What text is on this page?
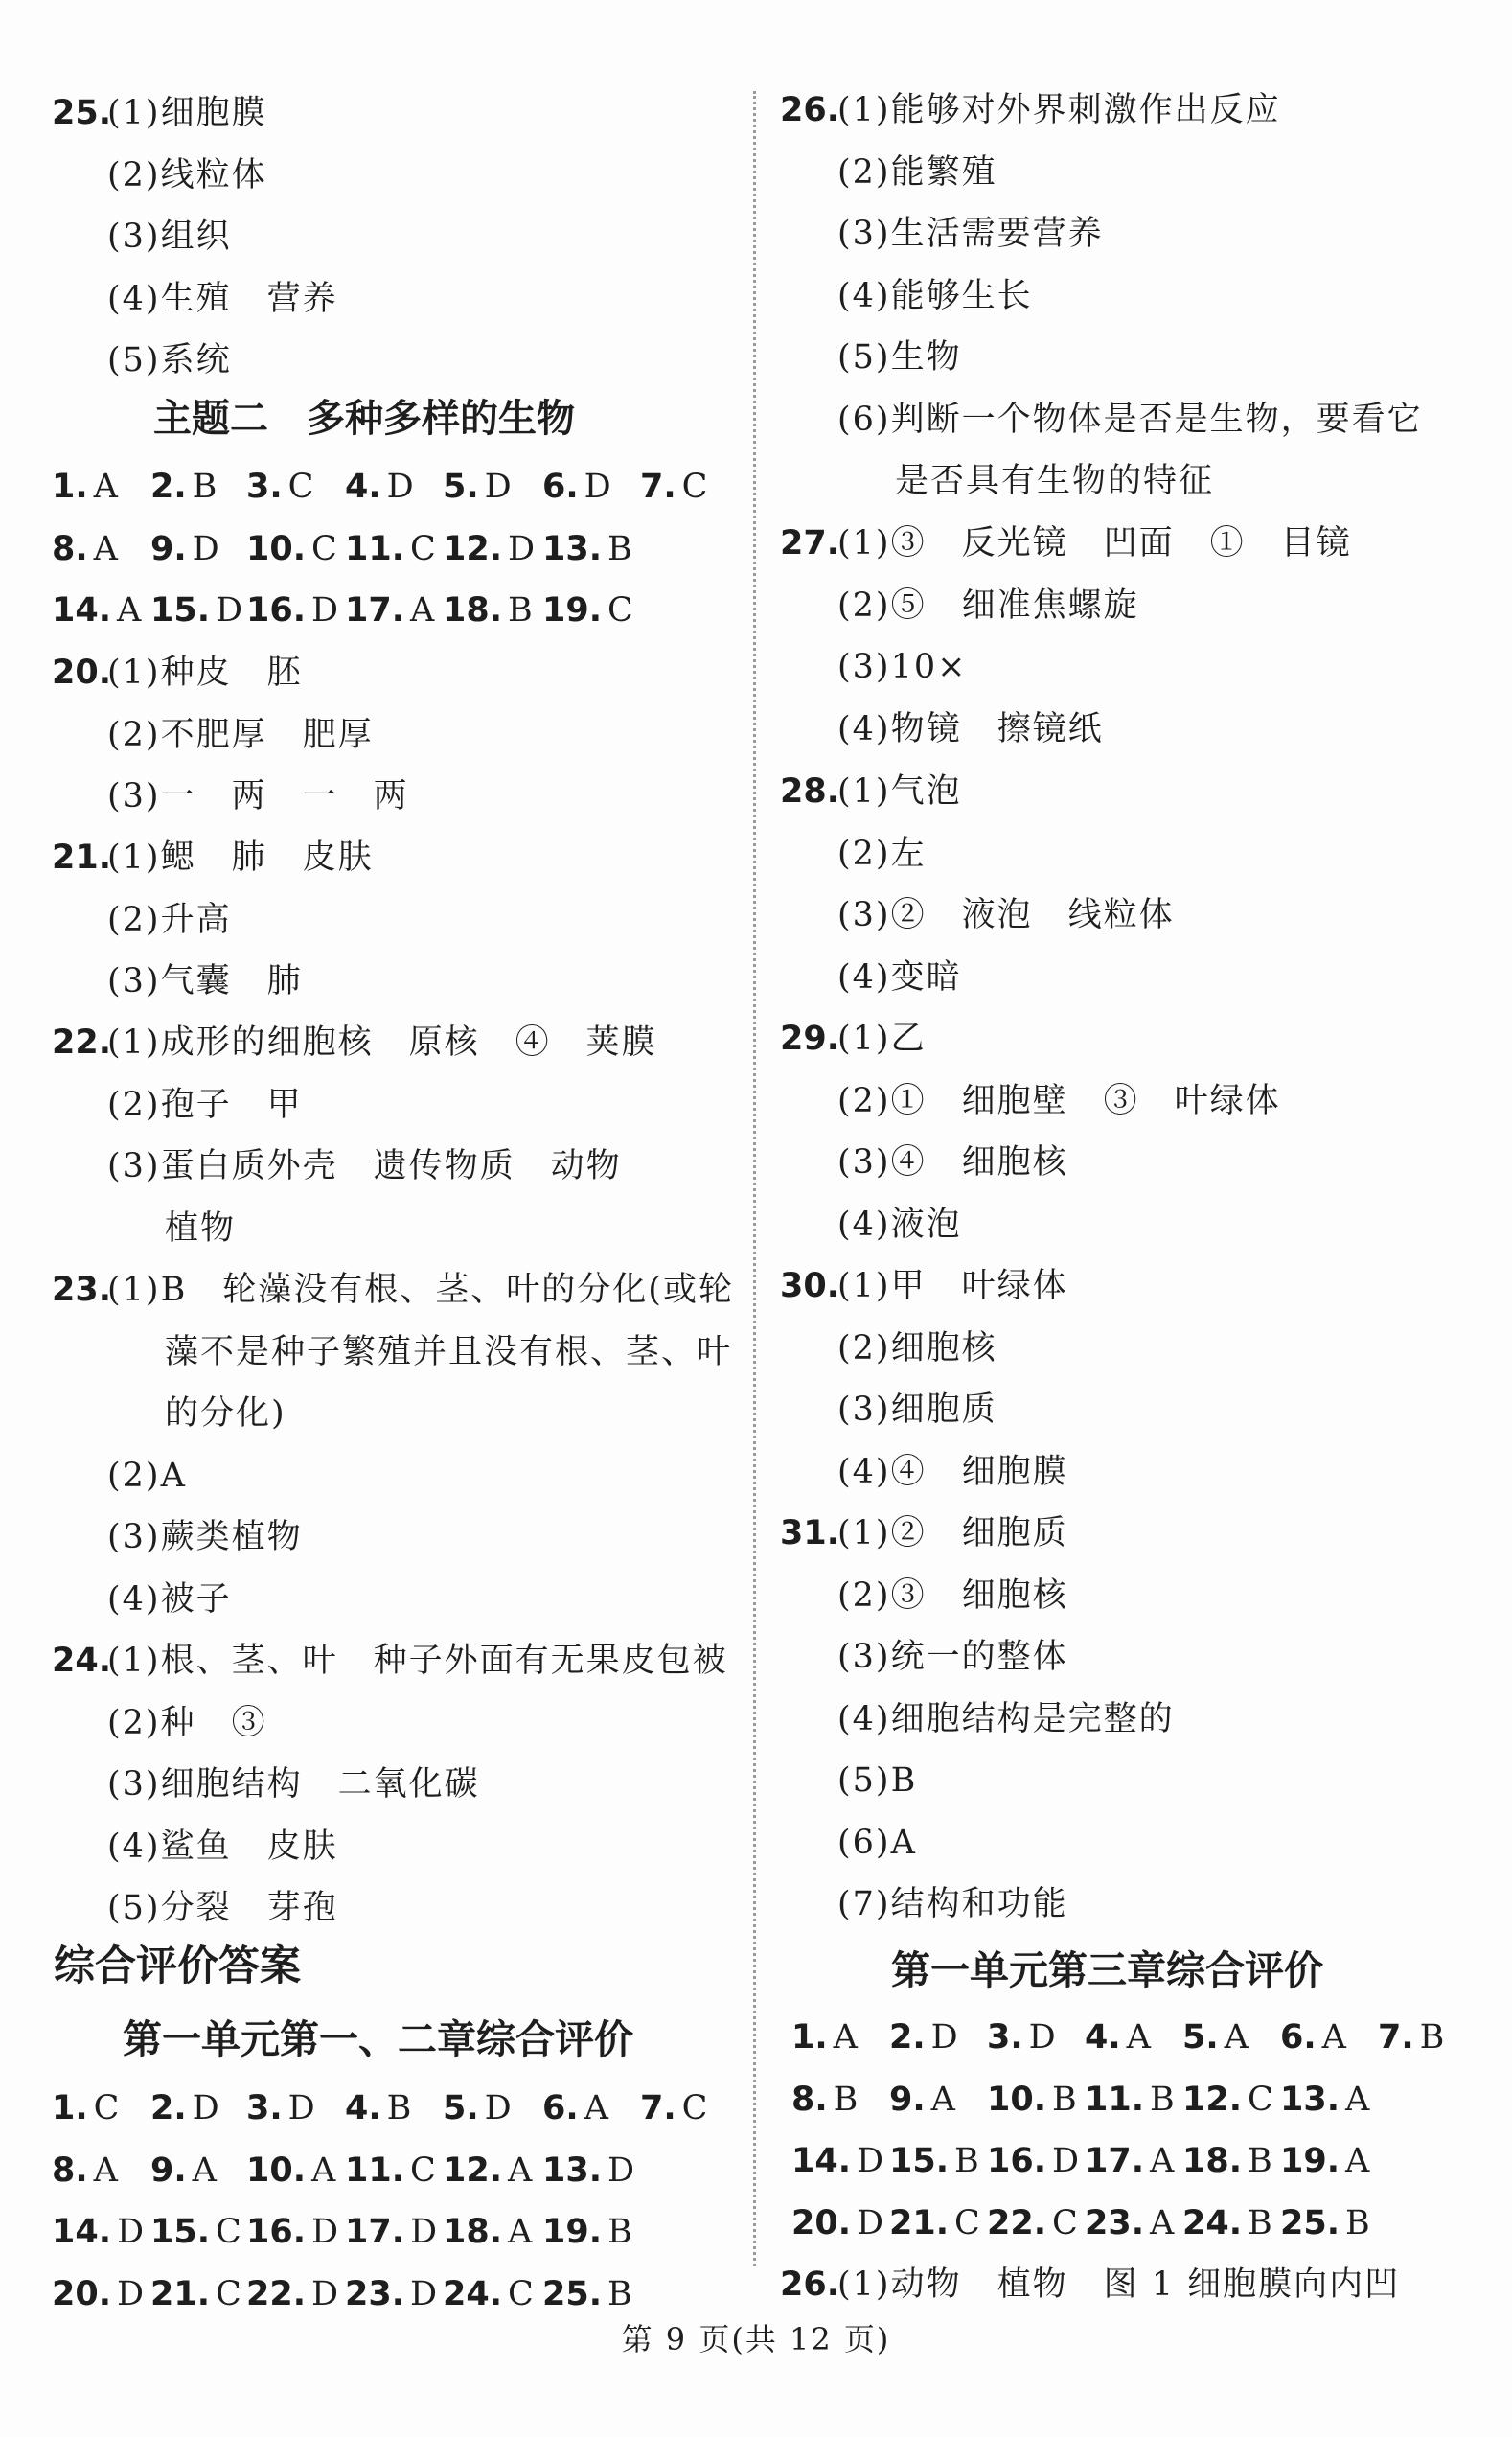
25.
(1)细胞膜
(2)线粒体
(3)组织
(4)生殖　营养
(5)系统
主题二　多种多样的生物
1. A 2. B 3. C 4. D 5. D 6. D 7. C
8. A 9. D 10. C 11. C 12. D 13. B
14. A 15. D 16. D 17. A 18. B 19. C
20.
(1)种皮　胚
(2)不肥厚　肥厚
(3)一　两　一　两
21.
(1)鳃　肺　皮肤
(2)升高
(3)气囊　肺
22.
(1)成形的细胞核　原核　④　荚膜
(2)孢子　甲
(3)蛋白质外壳　遗传物质　动物
植物
23.
(1)B　轮藻没有根、茎、叶的分化(或轮
藻不是种子繁殖并且没有根、茎、叶
的分化)
(2)A
(3)蕨类植物
(4)被子
24.
(1)根、茎、叶　种子外面有无果皮包被
(2)种　③
(3)细胞结构　二氧化碳
(4)鲨鱼　皮肤
(5)分裂　芽孢
综合评价答案
第一单元第一、二章综合评价
1. C 2. D 3. D 4. B 5. D 6. A 7. C
8. A 9. A 10. A 11. C 12. A 13. D
14. D 15. C 16. D 17. D 18. A 19. B
20. D 21. C 22. D 23. D 24. C 25. B
26.
(1)能够对外界刺激作出反应
(2)能繁殖
(3)生活需要营养
(4)能够生长
(5)生物
(6)判断一个物体是否是生物，要看它
是否具有生物的特征
27.
(1)③　反光镜　凹面　①　目镜
(2)⑤　细准焦螺旋
(3)10×
(4)物镜　擦镜纸
28.
(1)气泡
(2)左
(3)②　液泡　线粒体
(4)变暗
29.
(1)乙
(2)①　细胞壁　③　叶绿体
(3)④　细胞核
(4)液泡
30.
(1)甲　叶绿体
(2)细胞核
(3)细胞质
(4)④　细胞膜
31.
(1)②　细胞质
(2)③　细胞核
(3)统一的整体
(4)细胞结构是完整的
(5)B
(6)A
(7)结构和功能
第一单元第三章综合评价
1. A 2. D 3. D 4. A 5. A 6. A 7. B
8. B 9. A 10. B 11. B 12. C 13. A
14. D 15. B 16. D 17. A 18. B 19. A
20. D 21. C 22. C 23. A 24. B 25. B
26.
(1)动物　植物　图 1 细胞膜向内凹
第 9 页(共 12 页)
